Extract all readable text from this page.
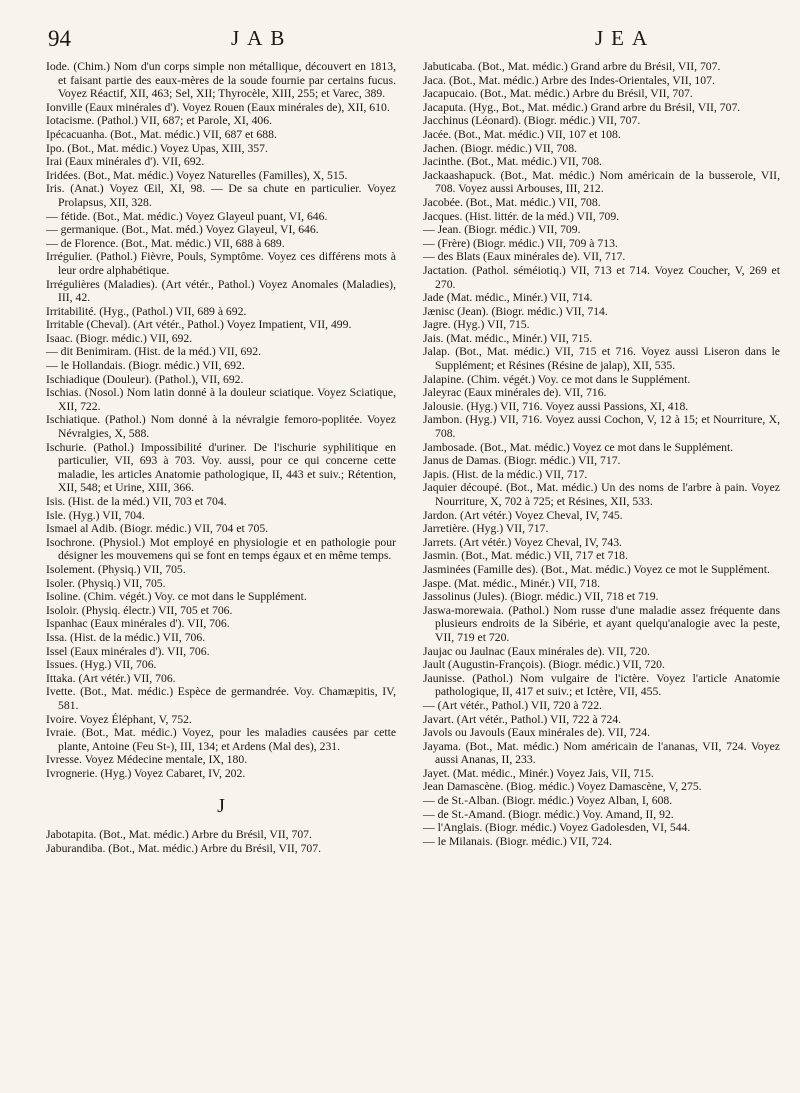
94	JAB	JEA

Iode. (Chim.) Nom d'un corps simple non métallique, découvert en 1813, et faisant partie des eaux-mères de la soude fournie par certains fucus. Voyez Réactif, XII, 463; Sel, XII; Thyrocèle, XIII, 255; et Varec, 389.

Ionville (Eaux minérales d'). Voyez Rouen (Eaux minérales de), XII, 610.

Iotacisme. (Pathol.) VII, 687; et Parole, XI, 406.

Ipécacuanha. (Bot., Mat. médic.) VII, 687 et 688.

Ipo. (Bot., Mat. médic.) Voyez Upas, XIII, 357.

Irai (Eaux minérales d'). VII, 692.

Iridées. (Bot., Mat. médic.) Voyez Naturelles (Familles), X, 515.

Iris. (Anat.) Voyez Œil, XI, 98. — De sa chute en particulier. Voyez Prolapsus, XII, 328.

— fétide. (Bot., Mat. médic.) Voyez Glayeul puant, VI, 646.

— germanique. (Bot., Mat. méd.) Voyez Glayeul, VI, 646.

— de Florence. (Bot., Mat. médic.) VII, 688 à 689.

Irrégulier. (Pathol.) Fièvre, Pouls, Symptôme. Voyez ces différens mots à leur ordre alphabétique.

Irrégulières (Maladies). (Art vétér., Pathol.) Voyez Anomales (Maladies), III, 42.

Irritabilité. (Hyg., (Pathol.) VII, 689 à 692.

Irritable (Cheval). (Art vétér., Pathol.) Voyez Impatient, VII, 499.

Isaac. (Biogr. médic.) VII, 692.

— dit Benimiram. (Hist. de la méd.) VII, 692.

— le Hollandais. (Biogr. médic.) VII, 692.

Ischiadique (Douleur). (Pathol.), VII, 692.

Ischias. (Nosol.) Nom latin donné à la douleur sciatique. Voyez Sciatique, XII, 722.

Ischiatique. (Pathol.) Nom donné à la névralgie femoro-poplitée. Voyez Névralgies, X, 588.

Ischurie. (Pathol.) Impossibilité d'uriner. De l'ischurie syphilitique en particulier, VII, 693 à 703. Voy. aussi, pour ce qui concerne cette maladie, les articles Anatomie pathologique, II, 443 et suiv.; Rétention, XII, 548; et Urine, XIII, 366.

Isis. (Hist. de la méd.) VII, 703 et 704.

Isle. (Hyg.) VII, 704.

Ismael al Adib. (Biogr. médic.) VII, 704 et 705.

Isochrone. (Physiol.) Mot employé en physiologie et en pathologie pour désigner les mouvemens qui se font en temps égaux et en même temps.

Isolement. (Physiq.) VII, 705.

Isoler. (Physiq.) VII, 705.

Isoline. (Chim. végét.) Voy. ce mot dans le Supplément.

Isoloir. (Physiq. électr.) VII, 705 et 706.

Ispanhac (Eaux minérales d'). VII, 706.

Issa. (Hist. de la médic.) VII, 706.

Issel (Eaux minérales d'). VII, 706.

Issues. (Hyg.) VII, 706.

Ittaka. (Art vétér.) VII, 706.

Ivette. (Bot., Mat. médic.) Espèce de germandrée. Voy. Chamæpitis, IV, 581.

Ivoire. Voyez Éléphant, V, 752.

Ivraie. (Bot., Mat. médic.) Voyez, pour les maladies causées par cette plante, Antoine (Feu St-), III, 134; et Ardens (Mal des), 231.

Ivresse. Voyez Médecine mentale, IX, 180.

Ivrognerie. (Hyg.) Voyez Cabaret, IV, 202.

J

Jabotapita. (Bot., Mat. médic.) Arbre du Brésil, VII, 707.

Jaburandiba. (Bot., Mat. médic.) Arbre du Brésil, VII, 707.

Jabuticaba. (Bot., Mat. médic.) Grand arbre du Brésil, VII, 707.

Jaca. (Bot., Mat. médic.) Arbre des Indes-Orientales, VII, 107.

Jacapucaio. (Bot., Mat. médic.) Arbre du Brésil, VII, 707.

Jacaputa. (Hyg., Bot., Mat. médic.) Grand arbre du Brésil, VII, 707.

Jacchinus (Léonard). (Biogr. médic.) VII, 707.

Jacée. (Bot., Mat. médic.) VII, 107 et 108.

Jachen. (Biogr. médic.) VII, 708.

Jacinthe. (Bot., Mat. médic.) VII, 708.

Jackaashapuck. (Bot., Mat. médic.) Nom américain de la busserole, VII, 708. Voyez aussi Arbouses, III, 212.

Jacobée. (Bot., Mat. médic.) VII, 708.

Jacques. (Hist. littér. de la méd.) VII, 709.

— Jean. (Biogr. médic.) VII, 709.

— (Frère) (Biogr. médic.) VII, 709 à 713.

— des Blats (Eaux minérales de). VII, 717.

Jactation. (Pathol. séméiotiq.) VII, 713 et 714. Voyez Coucher, V, 269 et 270.

Jade (Mat. médic., Minér.) VII, 714.

Jænisc (Jean). (Biogr. médic.) VII, 714.

Jagre. (Hyg.) VII, 715.

Jais. (Mat. médic., Minér.) VII, 715.

Jalap. (Bot., Mat. médic.) VII, 715 et 716. Voyez aussi Liseron dans le Supplément; et Résines (Résine de jalap), XII, 535.

Jalapine. (Chim. végét.) Voy. ce mot dans le Supplément.

Jaleyrac (Eaux minérales de). VII, 716.

Jalousie. (Hyg.) VII, 716. Voyez aussi Passions, XI, 418.

Jambon. (Hyg.) VII, 716. Voyez aussi Cochon, V, 12 à 15; et Nourriture, X, 708.

Jambosade. (Bot., Mat. médic.) Voyez ce mot dans le Supplément.

Janus de Damas. (Biogr. médic.) VII, 717.

Japis. (Hist. de la médic.) VII, 717.

Jaquier découpé. (Bot., Mat. médic.) Un des noms de l'arbre à pain. Voyez Nourriture, X, 702 à 725; et Résines, XII, 533.

Jardon. (Art vétér.) Voyez Cheval, IV, 745.

Jarretière. (Hyg.) VII, 717.

Jarrets. (Art vétér.) Voyez Cheval, IV, 743.

Jasmin. (Bot., Mat. médic.) VII, 717 et 718.

Jasminées (Famille des). (Bot., Mat. médic.) Voyez ce mot le Supplément.

Jaspe. (Mat. médic., Minér.) VII, 718.

Jassolinus (Jules). (Biogr. médic.) VII, 718 et 719.

Jaswa-morewaia. (Pathol.) Nom russe d'une maladie assez fréquente dans plusieurs endroits de la Sibérie, et ayant quelqu'analogie avec la peste, VII, 719 et 720.

Jaujac ou Jaulnac (Eaux minérales de). VII, 720.

Jault (Augustin-François). (Biogr. médic.) VII, 720.

Jaunisse. (Pathol.) Nom vulgaire de l'ictère. Voyez l'article Anatomie pathologique, II, 417 et suiv.; et Ictère, VII, 455.

— (Art vétér., Pathol.) VII, 720 à 722.

Javart. (Art vétér., Pathol.) VII, 722 à 724.

Javols ou Javouls (Eaux minérales de). VII, 724.

Jayama. (Bot., Mat. médic.) Nom américain de l'ananas, VII, 724. Voyez aussi Ananas, II, 233.

Jayet. (Mat. médic., Minér.) Voyez Jais, VII, 715.

Jean Damascène. (Biog. médic.) Voyez Damascène, V, 275.

— de St.-Alban. (Biogr. médic.) Voyez Alban, I, 608.

— de St.-Amand. (Biogr. médic.) Voy. Amand, II, 92.

— l'Anglais. (Biogr. médic.) Voyez Gadolesden, VI, 544.

— le Milanais. (Biogr. médic.) VII, 724.
